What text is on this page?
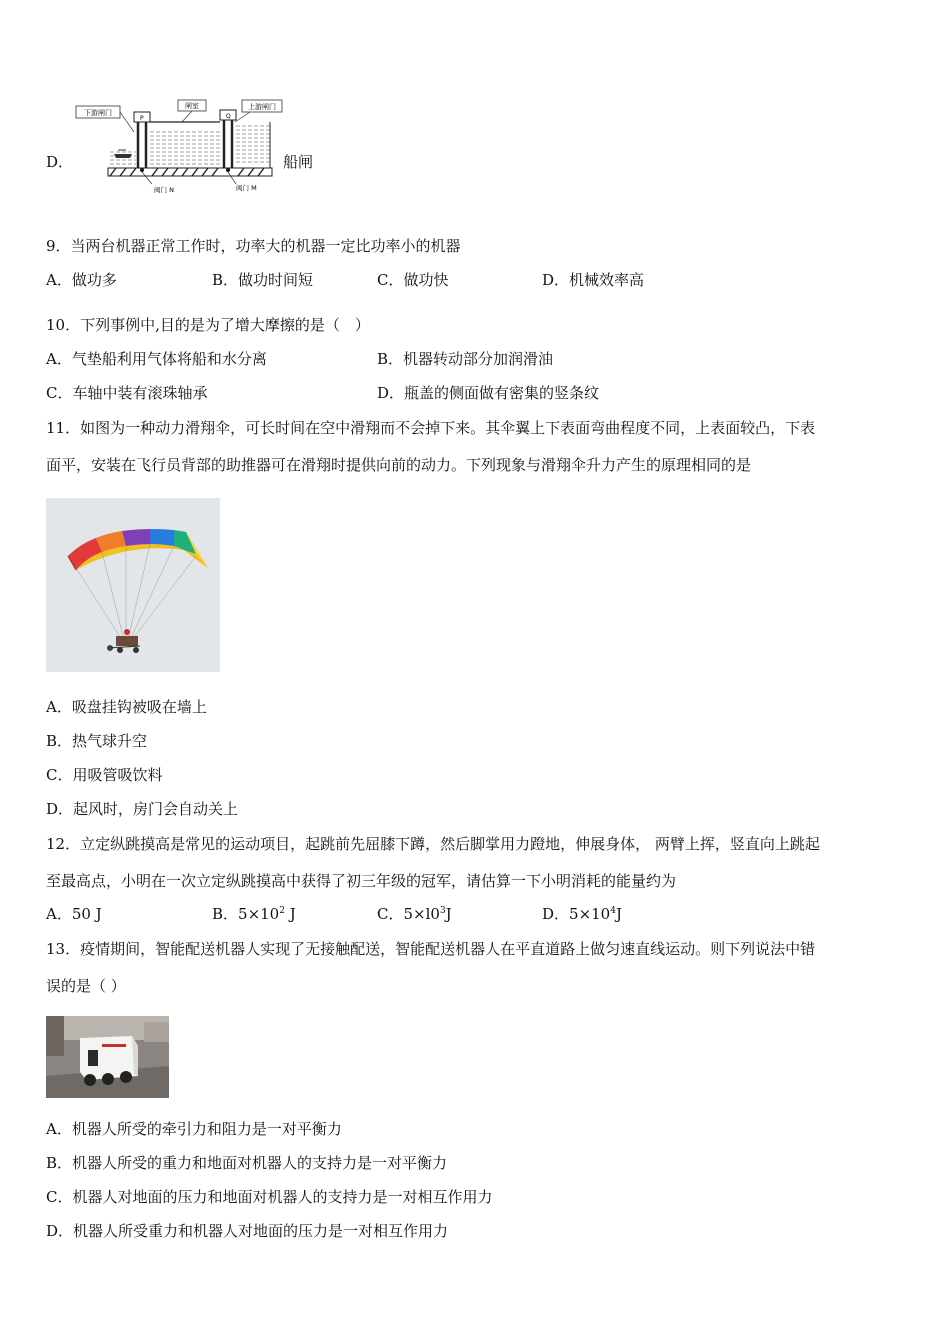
D．
下游闸门
闸室	上游闸门
P	Q
阀门 N	阀门 M
船闸
9．当两台机器正常工作时，功率大的机器一定比功率小的机器
A．做功多	B．做功时间短	C．做功快	D．机械效率高
10．下列事例中,目的是为了增大摩擦的是（　）
A．气垫船利用气体将船和水分离	B．机器转动部分加润滑油
C．车轴中装有滚珠轴承	D．瓶盖的侧面做有密集的竖条纹
11．如图为一种动力滑翔伞，可长时间在空中滑翔而不会掉下来。其伞翼上下表面弯曲程度不同，上表面较凸，下表
面平，安装在飞行员背部的助推器可在滑翔时提供向前的动力。下列现象与滑翔伞升力产生的原理相同的是
A．吸盘挂钩被吸在墙上
B．热气球升空
C．用吸管吸饮料
D．起风时，房门会自动关上
12．立定纵跳摸高是常见的运动项目，起跳前先屈膝下蹲，然后脚掌用力蹬地，伸展身体， 两臂上挥，竖直向上跳起
至最高点，小明在一次立定纵跳摸高中获得了初三年级的冠军，请估算一下小明消耗的能量约为
A．50 J	B．$5\times 10^2$ J	C．$5\times l0^3J$	D．$5\times 10^4J$
13．疫情期间，智能配送机器人实现了无接触配送，智能配送机器人在平直道路上做匀速直线运动。则下列说法中错
误的是（ ）
A．机器人所受的牵引力和阻力是一对平衡力
B．机器人所受的重力和地面对机器人的支持力是一对平衡力
C．机器人对地面的压力和地面对机器人的支持力是一对相互作用力
D．机器人所受重力和机器人对地面的压力是一对相互作用力
